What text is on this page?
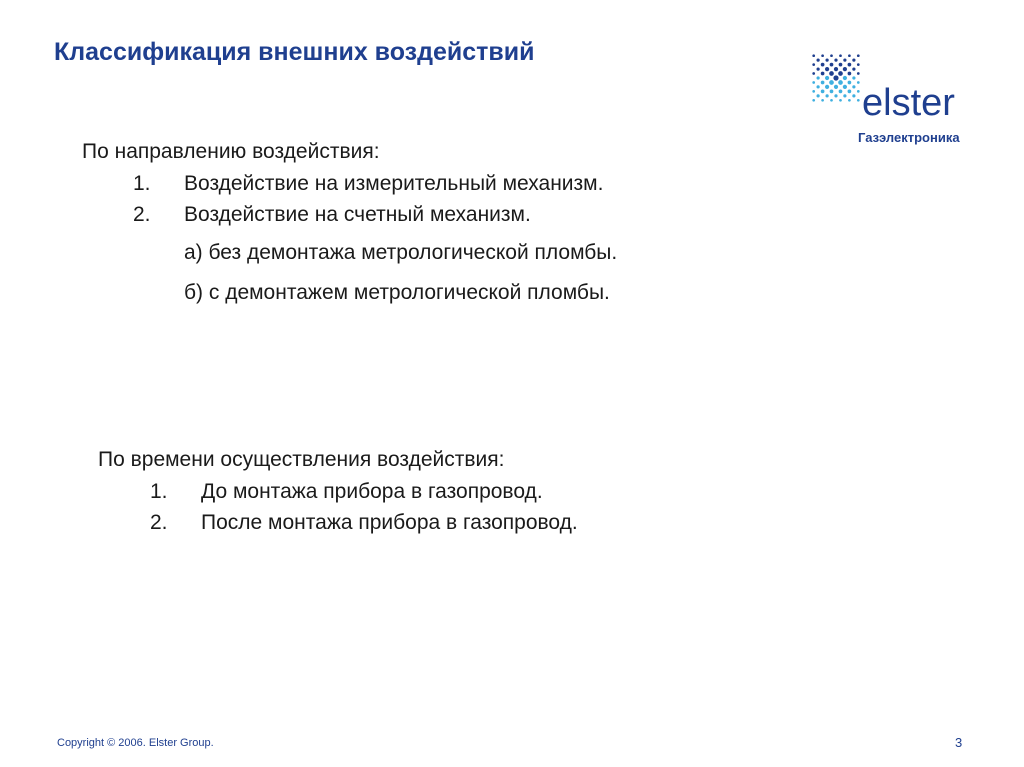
Классификация внешних воздействий
elster
Газэлектроника
По направлению воздействия:
1. Воздействие на измерительный механизм.
2. Воздействие на счетный механизм.
а) без демонтажа метрологической пломбы.
б) с демонтажем метрологической пломбы.
По времени осуществления воздействия:
1. До монтажа прибора в газопровод.
2. После монтажа прибора в газопровод.
Copyright © 2006. Elster Group.	3
